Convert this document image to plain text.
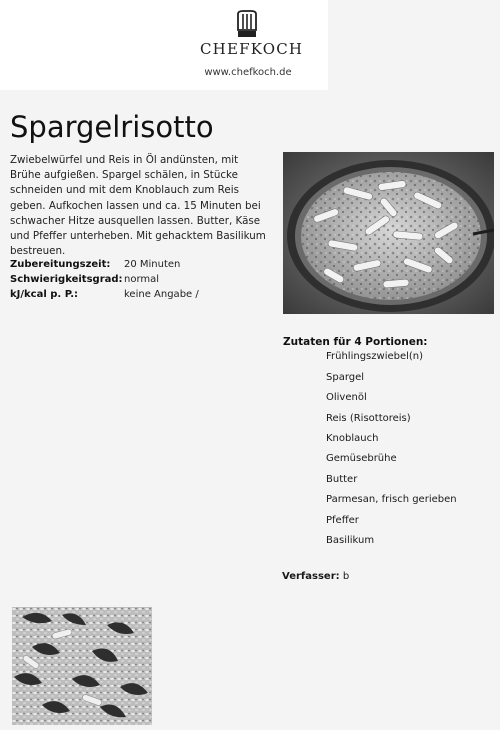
CHEFKOCH
www.chefkoch.de
Spargelrisotto
Zwiebelwürfel und Reis in Öl andünsten, mit Brühe aufgießen. Spargel schälen, in Stücke schneiden und mit dem Knoblauch zum Reis geben. Aufkochen lassen und ca. 15 Minuten bei schwacher Hitze ausquellen lassen. Butter, Käse und Pfeffer unterheben. Mit gehacktem Basilikum bestreuen.
Zubereitungszeit:	20 Minuten
Schwierigkeitsgrad: normal
kJ/kcal p. P.:	keine Angabe /
Zutaten für 4 Portionen:
Frühlingszwiebel(n)
Spargel
Olivenöl
Reis (Risottoreis)
Knoblauch
Gemüsebrühe
Butter
Parmesan, frisch gerieben
Pfeffer
Basilikum
Verfasser: b
